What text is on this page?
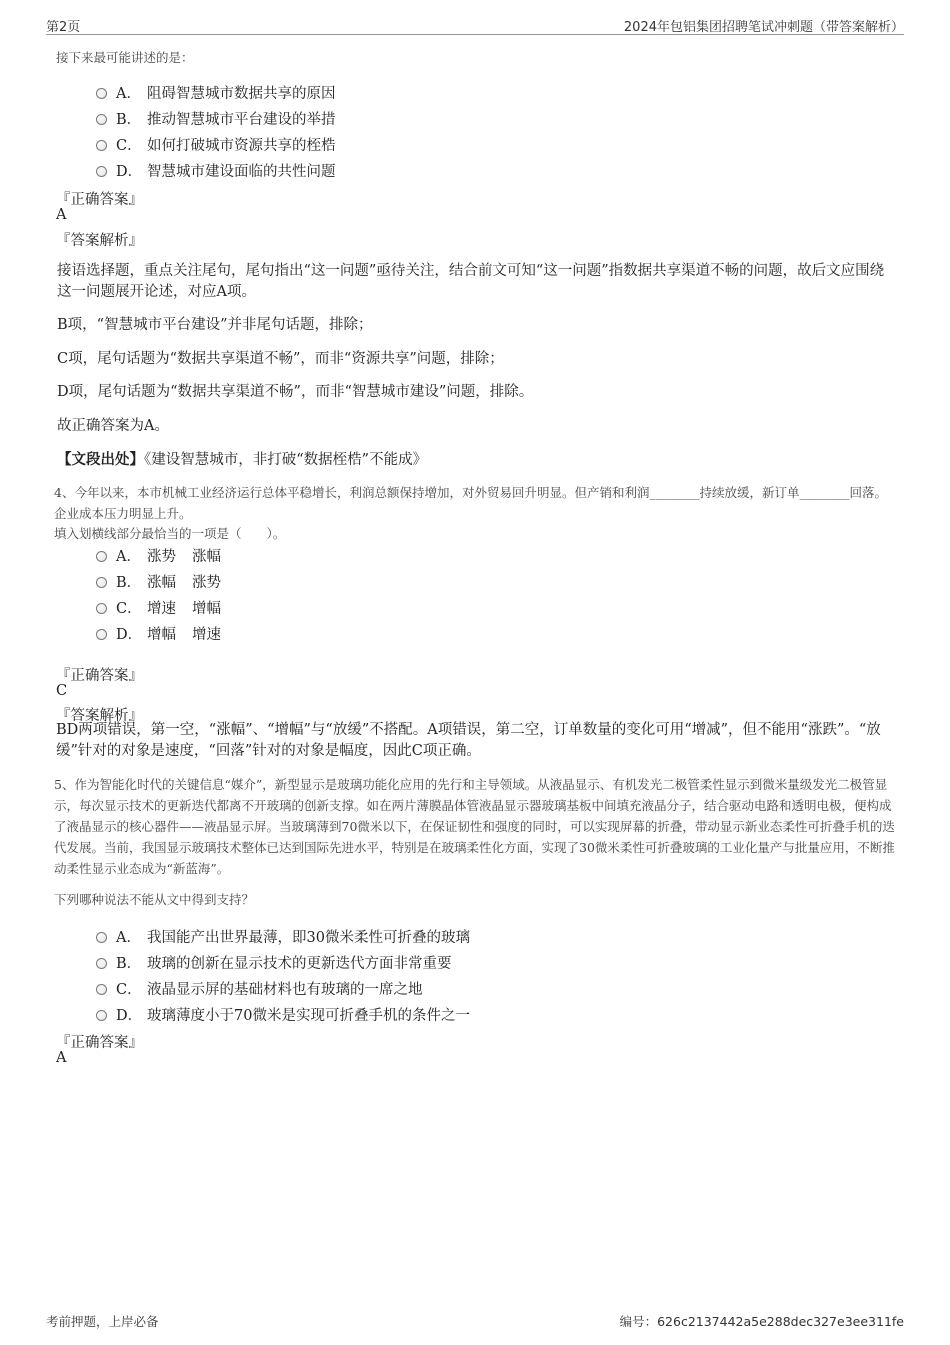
第2页	2024年包铝集团招聘笔试冲刺题（带答案解析）
接下来最可能讲述的是：
A． 阻碍智慧城市数据共享的原因
B． 推动智慧城市平台建设的举措
C． 如何打破城市资源共享的桎梏
D． 智慧城市建设面临的共性问题
『正确答案』
A
『答案解析』
接语选择题，重点关注尾句，尾句指出“这一问题”亟待关注，结合前文可知“这一问题”指数据共享渠道不畅的问题，故后文应围绕这一问题展开论述，对应A项。
B项，“智慧城市平台建设”并非尾句话题，排除；
C项，尾句话题为“数据共享渠道不畅”，而非“资源共享”问题，排除；
D项，尾句话题为“数据共享渠道不畅”，而非“智慧城市建设”问题，排除。
故正确答案为A。
【文段出处】《建设智慧城市，非打破“数据桎梏”不能成》
4、今年以来，本市机械工业经济运行总体平稳增长，利润总额保持增加，对外贸易回升明显。但产销和利润________持续放缓，新订单________回落。企业成本压力明显上升。
填入划横线部分最恰当的一项是（　　）。
A． 涨势 涨幅
B． 涨幅 涨势
C． 增速 增幅
D． 增幅 增速
『正确答案』
C
『答案解析』
BD两项错误，第一空，“涨幅”、“增幅”与“放缓”不搭配。A项错误，第二空，订单数量的变化可用“增减”，但不能用“涨跌”。“放缓”针对的对象是速度，“回落”针对的对象是幅度，因此C项正确。
5、作为智能化时代的关键信息“媒介”，新型显示是玻璃功能化应用的先行和主导领域。从液晶显示、有机发光二极管柔性显示到微米量级发光二极管显示，每次显示技术的更新迭代都离不开玻璃的创新支撑。如在两片薄膜晶体管液晶显示器玻璃基板中间填充液晶分子，结合驱动电路和透明电极，便构成了液晶显示的核心器件——液晶显示屏。当玻璃薄到70微米以下，在保证韧性和强度的同时，可以实现屏幕的折叠，带动显示新业态柔性可折叠手机的迭代发展。当前，我国显示玻璃技术整体已达到国际先进水平，特别是在玻璃柔性化方面，实现了30微米柔性可折叠玻璃的工业化量产与批量应用，不断推动柔性显示业态成为“新蓝海”。
下列哪种说法不能从文中得到支持？
A． 我国能产出世界最薄，即30微米柔性可折叠的玻璃
B． 玻璃的创新在显示技术的更新迭代方面非常重要
C． 液晶显示屏的基础材料也有玻璃的一席之地
D． 玻璃薄度小于70微米是实现可折叠手机的条件之一
『正确答案』
A
考前押题，上岸必备	编号：626c2137442a5e288dec327e3ee311fe
